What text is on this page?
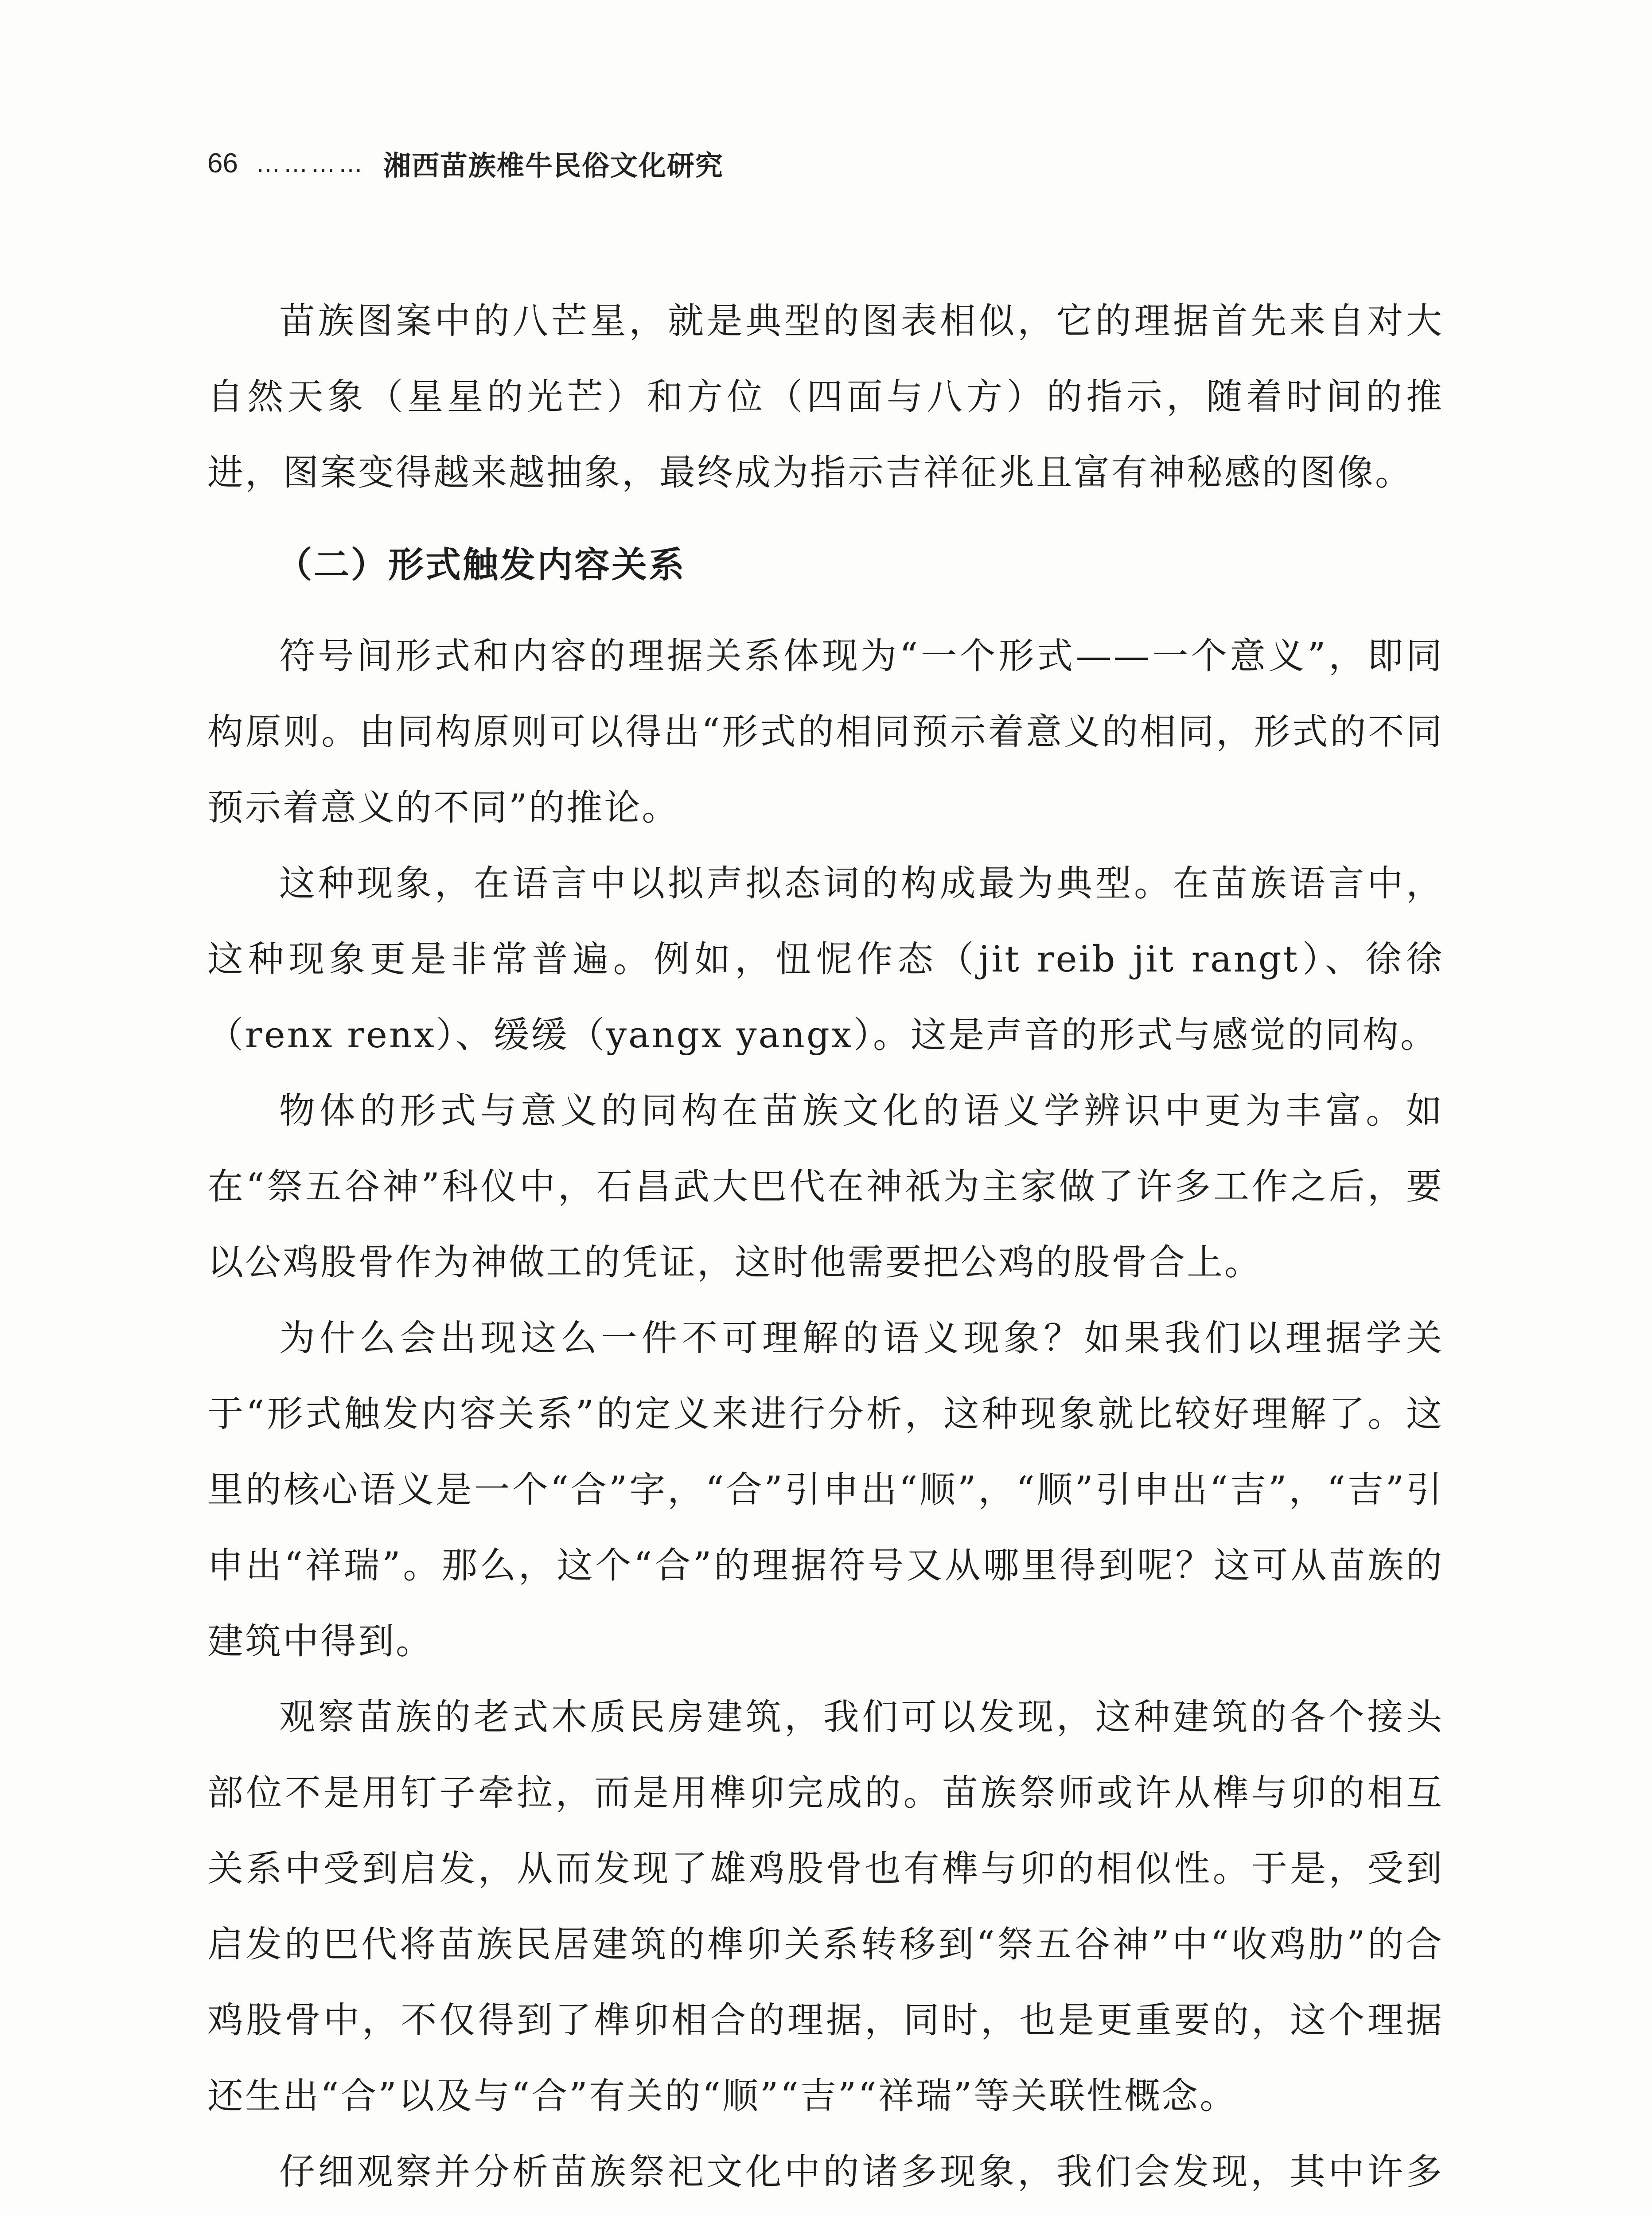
66 ………… 湘西苗族椎牛民俗文化研究

苗族图案中的八芒星，就是典型的图表相似，它的理据首先来自对大自然天象（星星的光芒）和方位（四面与八方）的指示，随着时间的推进，图案变得越来越抽象，最终成为指示吉祥征兆且富有神秘感的图像。

（二）形式触发内容关系

符号间形式和内容的理据关系体现为“一个形式——一个意义”，即同构原则。由同构原则可以得出“形式的相同预示着意义的相同，形式的不同预示着意义的不同”的推论。

这种现象，在语言中以拟声拟态词的构成最为典型。在苗族语言中，这种现象更是非常普遍。例如，忸怩作态（jit reib jit rangt）、徐徐（renx renx）、缓缓（yangx yangx）。这是声音的形式与感觉的同构。

物体的形式与意义的同构在苗族文化的语义学辨识中更为丰富。如在“祭五谷神”科仪中，石昌武大巴代在神祇为主家做了许多工作之后，要以公鸡股骨作为神做工的凭证，这时他需要把公鸡的股骨合上。

为什么会出现这么一件不可理解的语义现象？如果我们以理据学关于“形式触发内容关系”的定义来进行分析，这种现象就比较好理解了。这里的核心语义是一个“合”字，“合”引申出“顺”，“顺”引申出“吉”，“吉”引申出“祥瑞”。那么，这个“合”的理据符号又从哪里得到呢？这可从苗族的建筑中得到。

观察苗族的老式木质民房建筑，我们可以发现，这种建筑的各个接头部位不是用钉子牵拉，而是用榫卯完成的。苗族祭师或许从榫与卯的相互关系中受到启发，从而发现了雄鸡股骨也有榫与卯的相似性。于是，受到启发的巴代将苗族民居建筑的榫卯关系转移到“祭五谷神”中“收鸡肋”的合鸡股骨中，不仅得到了榫卯相合的理据，同时，也是更重要的，这个理据还生出“合”以及与“合”有关的“顺”“吉”“祥瑞”等关联性概念。

仔细观察并分析苗族祭祀文化中的诸多现象，我们会发现，其中许多
